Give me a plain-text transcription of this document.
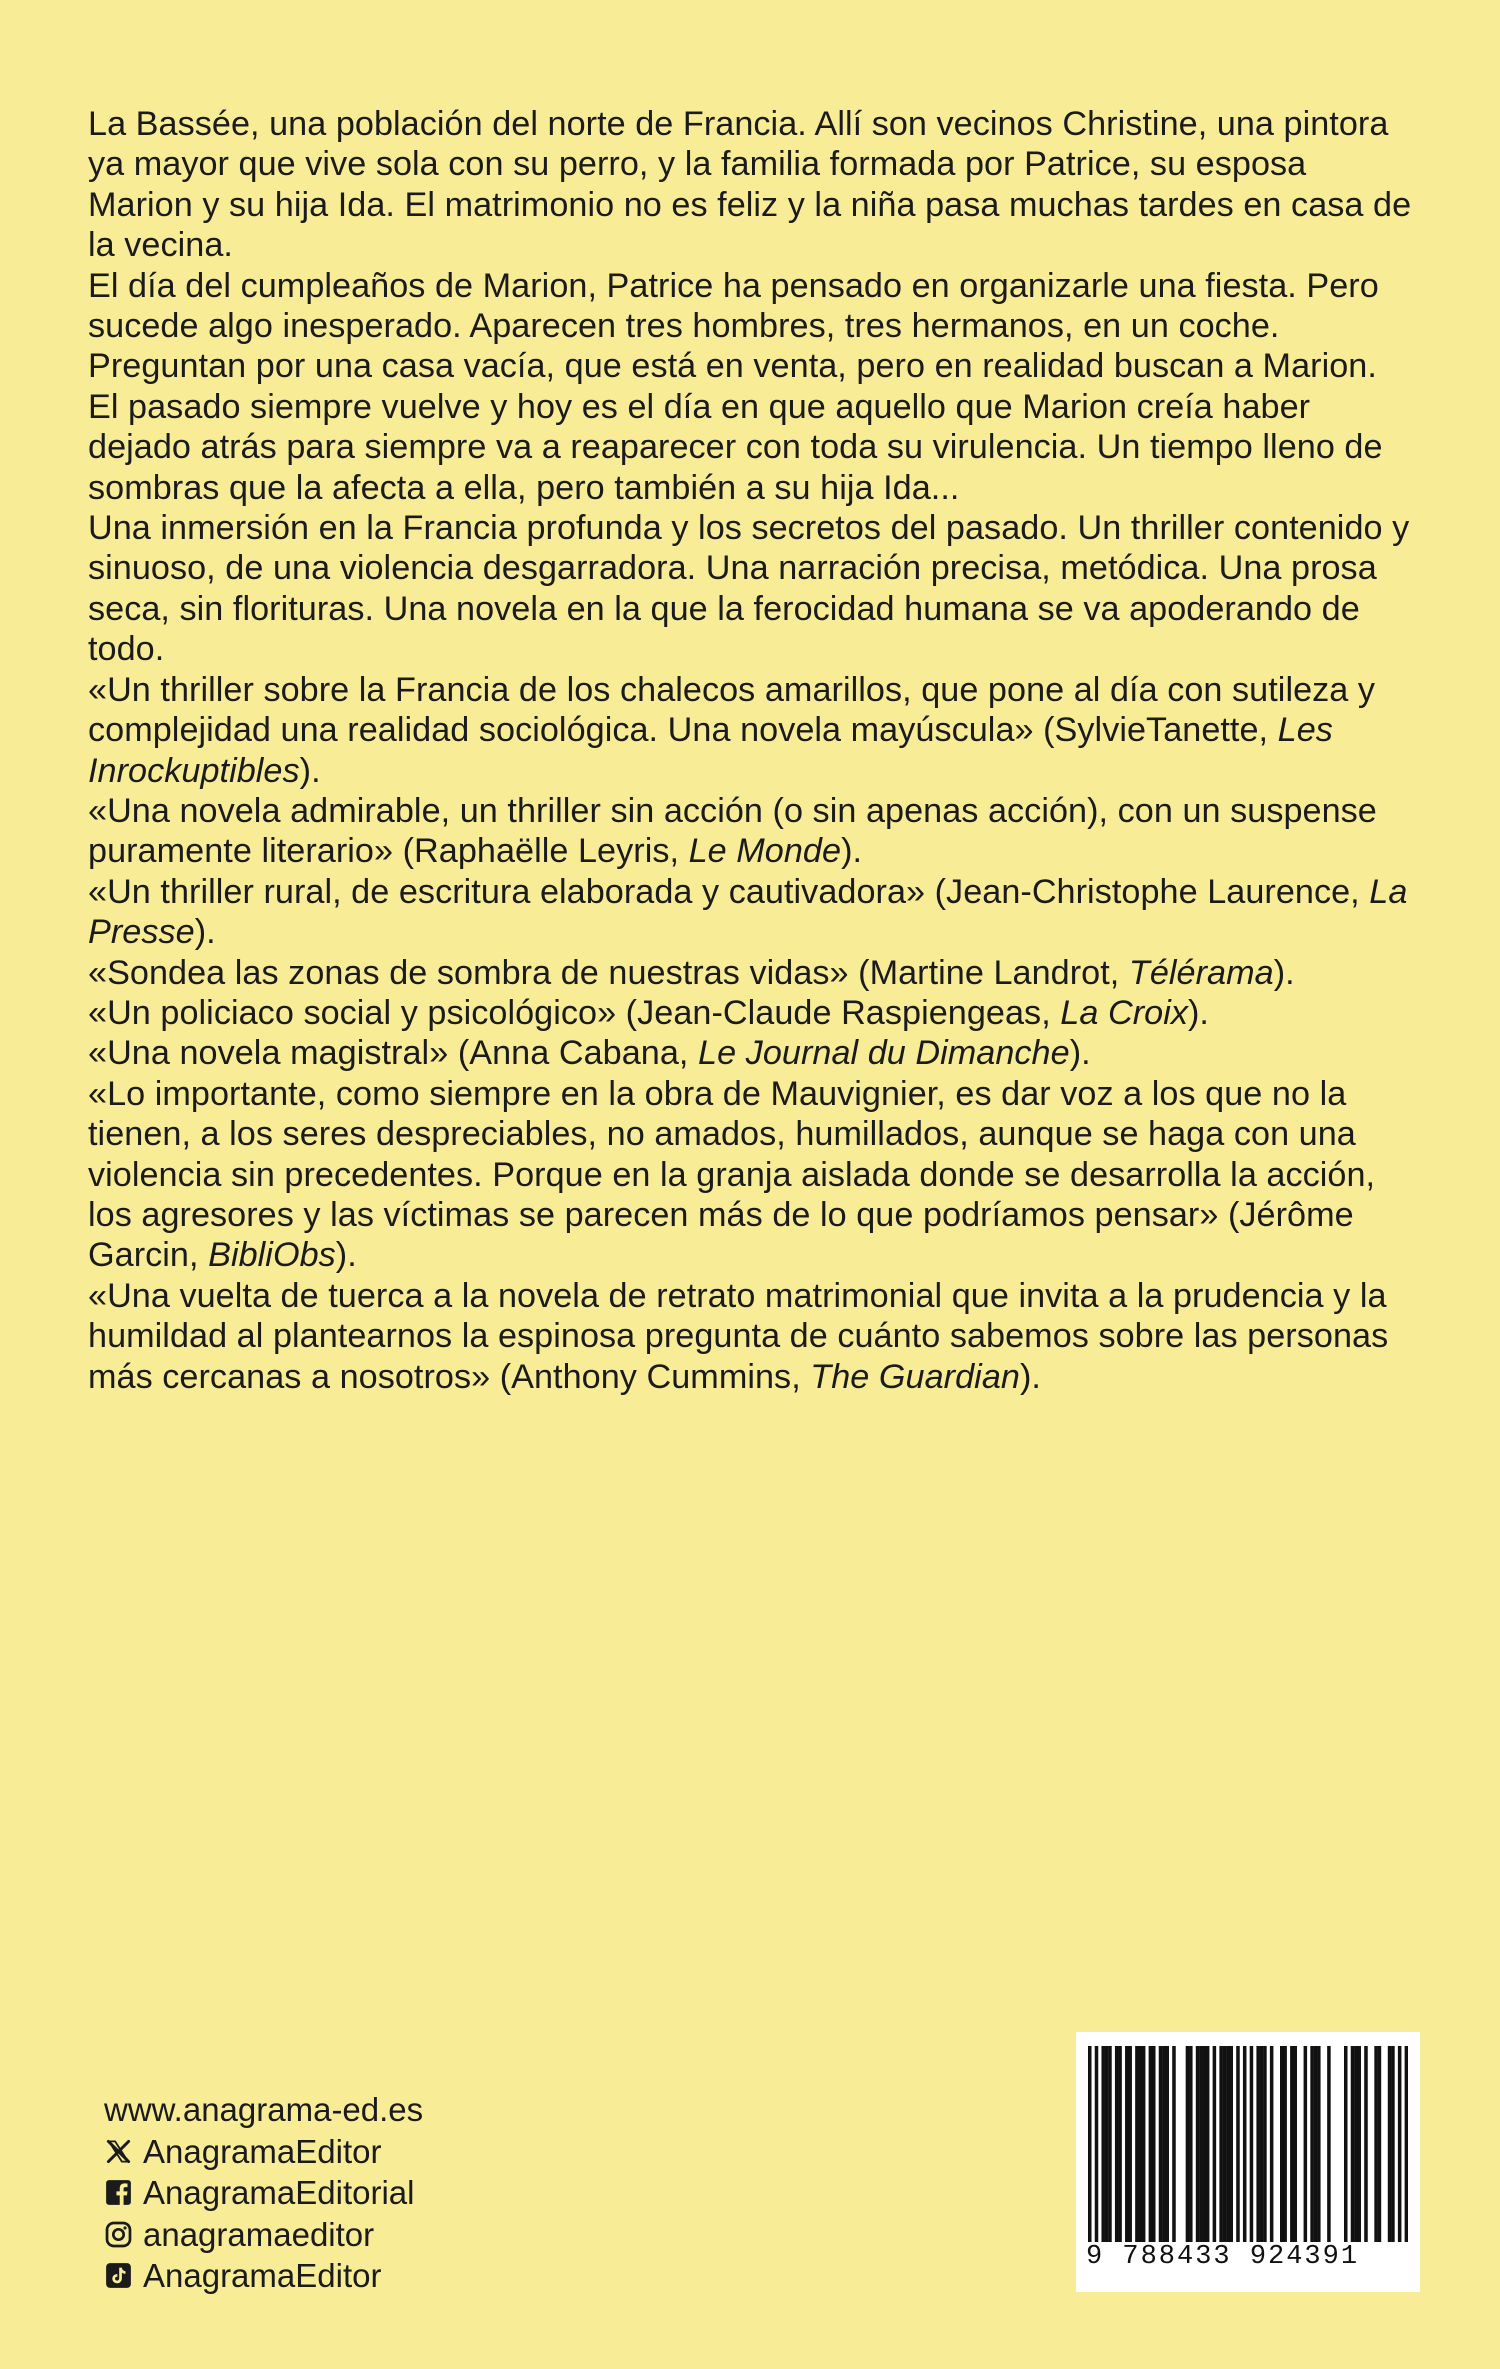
La Bassée, una población del norte de Francia. Allí son vecinos Christine, una pintora ya mayor que vive sola con su perro, y la familia formada por Patrice, su esposa Marion y su hija Ida. El matrimonio no es feliz y la niña pasa muchas tardes en casa de la vecina.

El día del cumpleaños de Marion, Patrice ha pensado en organizarle una fiesta. Pero sucede algo inesperado. Aparecen tres hombres, tres hermanos, en un coche. Preguntan por una casa vacía, que está en venta, pero en realidad buscan a Marion.

El pasado siempre vuelve y hoy es el día en que aquello que Marion creía haber dejado atrás para siempre va a reaparecer con toda su virulencia. Un tiempo lleno de sombras que la afecta a ella, pero también a su hija Ida...

Una inmersión en la Francia profunda y los secretos del pasado. Un thriller contenido y sinuoso, de una violencia desgarradora. Una narración precisa, metódica. Una prosa seca, sin florituras. Una novela en la que la ferocidad humana se va apoderando de todo.

«Un thriller sobre la Francia de los chalecos amarillos, que pone al día con sutileza y complejidad una realidad sociológica. Una novela mayúscula» (SylvieTanette, Les Inrockuptibles).

«Una novela admirable, un thriller sin acción (o sin apenas acción), con un suspense puramente literario» (Raphaëlle Leyris, Le Monde).

«Un thriller rural, de escritura elaborada y cautivadora» (Jean-Christophe Laurence, La Presse).

«Sondea las zonas de sombra de nuestras vidas» (Martine Landrot, Télérama).

«Un policiaco social y psicológico» (Jean-Claude Raspiengeas, La Croix).

«Una novela magistral» (Anna Cabana, Le Journal du Dimanche).

«Lo importante, como siempre en la obra de Mauvignier, es dar voz a los que no la tienen, a los seres despreciables, no amados, humillados, aunque se haga con una violencia sin precedentes. Porque en la granja aislada donde se desarrolla la acción, los agresores y las víctimas se parecen más de lo que podríamos pensar» (Jérôme Garcin, BibliObs).

«Una vuelta de tuerca a la novela de retrato matrimonial que invita a la prudencia y la humildad al plantearnos la espinosa pregunta de cuánto sabemos sobre las personas más cercanas a nosotros» (Anthony Cummins, The Guardian).

www.anagrama-ed.es
AnagramaEditor
AnagramaEditorial
anagramaeditor
AnagramaEditor	9 788433 924391
